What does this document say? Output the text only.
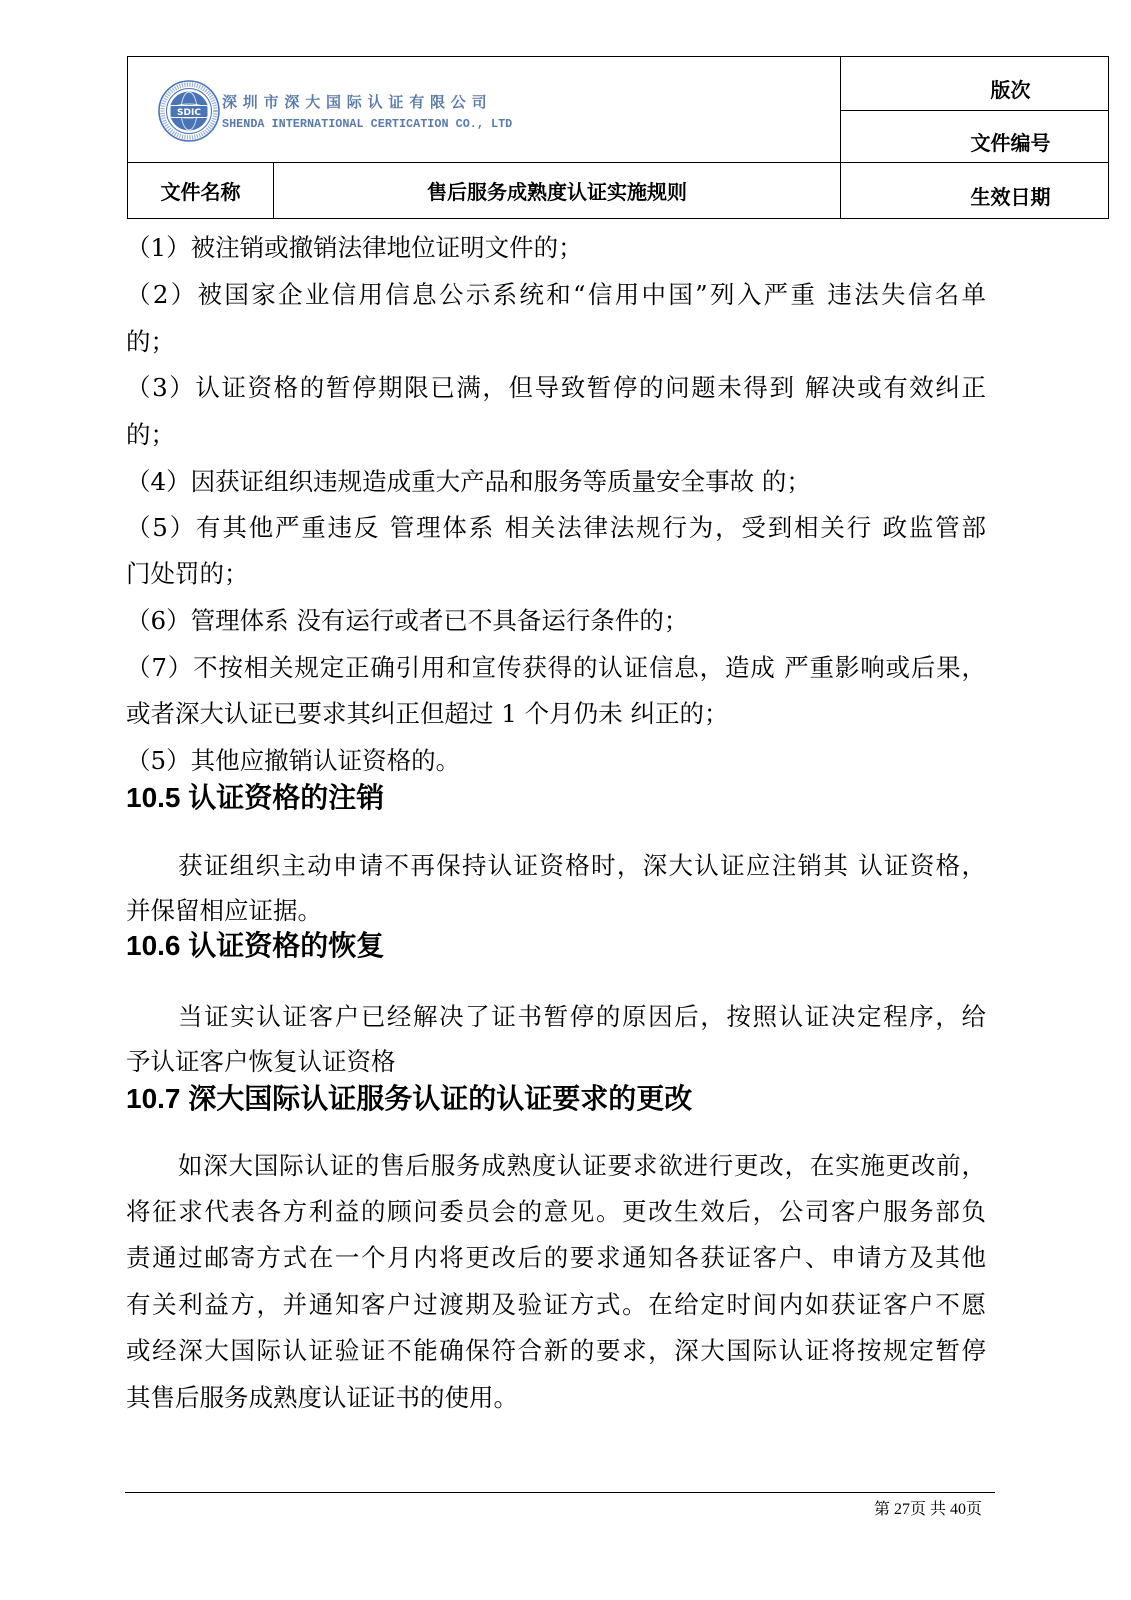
SDIC
深圳市深大国际认证有限公司
SHENDA INTERNATIONAL CERTICATION CO., LTD
版次
文件编号
文件名称	售后服务成熟度认证实施规则	生效日期
（1）被注销或撤销法律地位证明文件的；
（2）被国家企业信用信息公示系统和“信用中国”列入严重 违法失信名单
的；
（3）认证资格的暂停期限已满，但导致暂停的问题未得到 解决或有效纠正
的；
（4）因获证组织违规造成重大产品和服务等质量安全事故 的；
（5）有其他严重违反 管理体系 相关法律法规行为，受到相关行 政监管部
门处罚的；
（6）管理体系 没有运行或者已不具备运行条件的；
（7）不按相关规定正确引用和宣传获得的认证信息，造成 严重影响或后果，
或者深大认证已要求其纠正但超过 1 个月仍未 纠正的；
（5）其他应撤销认证资格的。
10.5 认证资格的注销
获证组织主动申请不再保持认证资格时，深大认证应注销其 认证资格，
并保留相应证据。
10.6 认证资格的恢复
当证实认证客户已经解决了证书暂停的原因后，按照认证决定程序，给
予认证客户恢复认证资格
10.7 深大国际认证服务认证的认证要求的更改
如深大国际认证的售后服务成熟度认证要求欲进行更改，在实施更改前，
将征求代表各方利益的顾问委员会的意见。更改生效后，公司客户服务部负
责通过邮寄方式在一个月内将更改后的要求通知各获证客户、申请方及其他
有关利益方，并通知客户过渡期及验证方式。在给定时间内如获证客户不愿
或经深大国际认证验证不能确保符合新的要求，深大国际认证将按规定暂停
其售后服务成熟度认证证书的使用。
第 27页 共 40页
